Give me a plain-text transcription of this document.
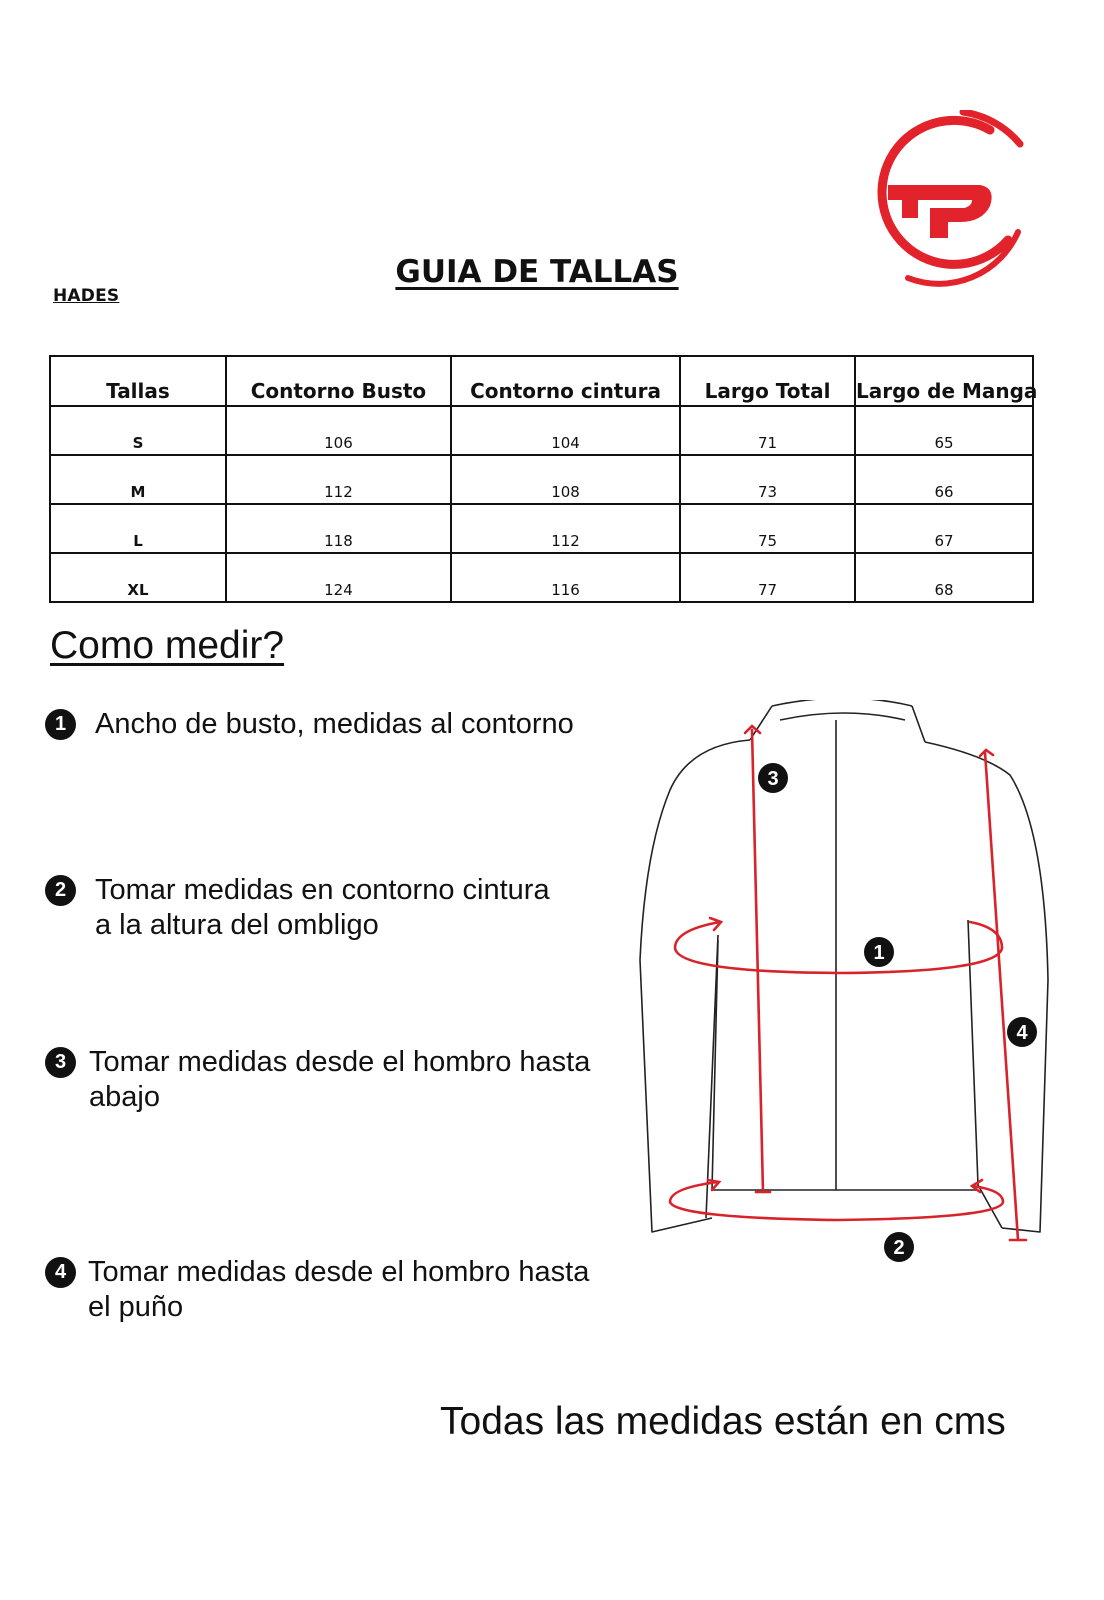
HADES
GUIA DE TALLAS
Tallas	Contorno Busto	Contorno cintura	Largo Total	Largo de Manga
S	106	104	71	65
M	112	108	73	66
L	118	112	75	67
XL	124	116	77	68
Como medir?
1 Ancho de busto, medidas al contorno
2 Tomar medidas en contorno cintura
a la altura del ombligo
3 Tomar medidas desde el hombro hasta
abajo
4 Tomar medidas desde el hombro hasta
el puño
3
1
4
2
Todas las medidas están en cms
